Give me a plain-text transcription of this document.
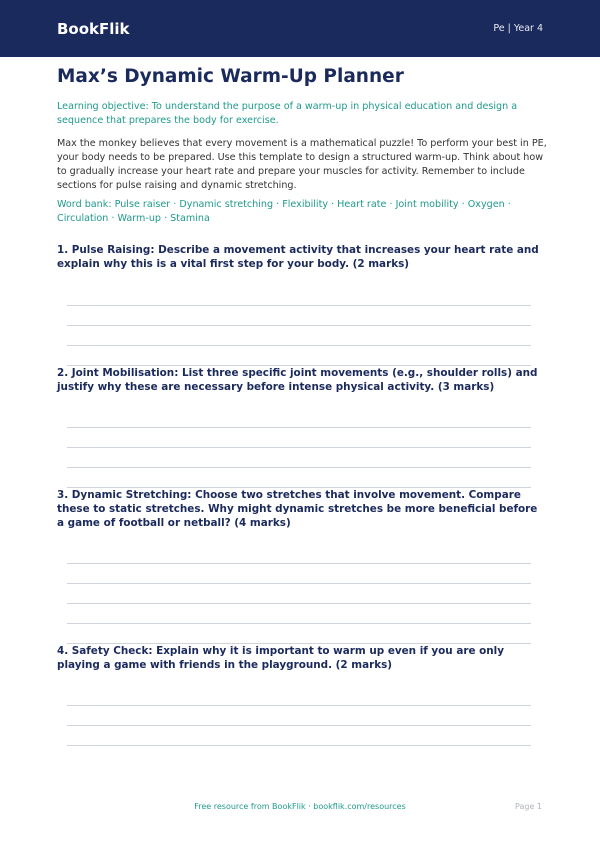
BookFlik	Pe | Year 4
Max’s Dynamic Warm-Up Planner

Learning objective: To understand the purpose of a warm-up in physical education and design a sequence that prepares the body for exercise.

Max the monkey believes that every movement is a mathematical puzzle! To perform your best in PE, your body needs to be prepared. Use this template to design a structured warm-up. Think about how to gradually increase your heart rate and prepare your muscles for activity. Remember to include sections for pulse raising and dynamic stretching.

Word bank: Pulse raiser · Dynamic stretching · Flexibility · Heart rate · Joint mobility · Oxygen · Circulation · Warm-up · Stamina

1. Pulse Raising: Describe a movement activity that increases your heart rate and explain why this is a vital first step for your body. (2 marks)

2. Joint Mobilisation: List three specific joint movements (e.g., shoulder rolls) and justify why these are necessary before intense physical activity. (3 marks)

3. Dynamic Stretching: Choose two stretches that involve movement. Compare these to static stretches. Why might dynamic stretches be more beneficial before a game of football or netball? (4 marks)

4. Safety Check: Explain why it is important to warm up even if you are only playing a game with friends in the playground. (2 marks)

Free resource from BookFlik · bookflik.com/resources	Page 1
